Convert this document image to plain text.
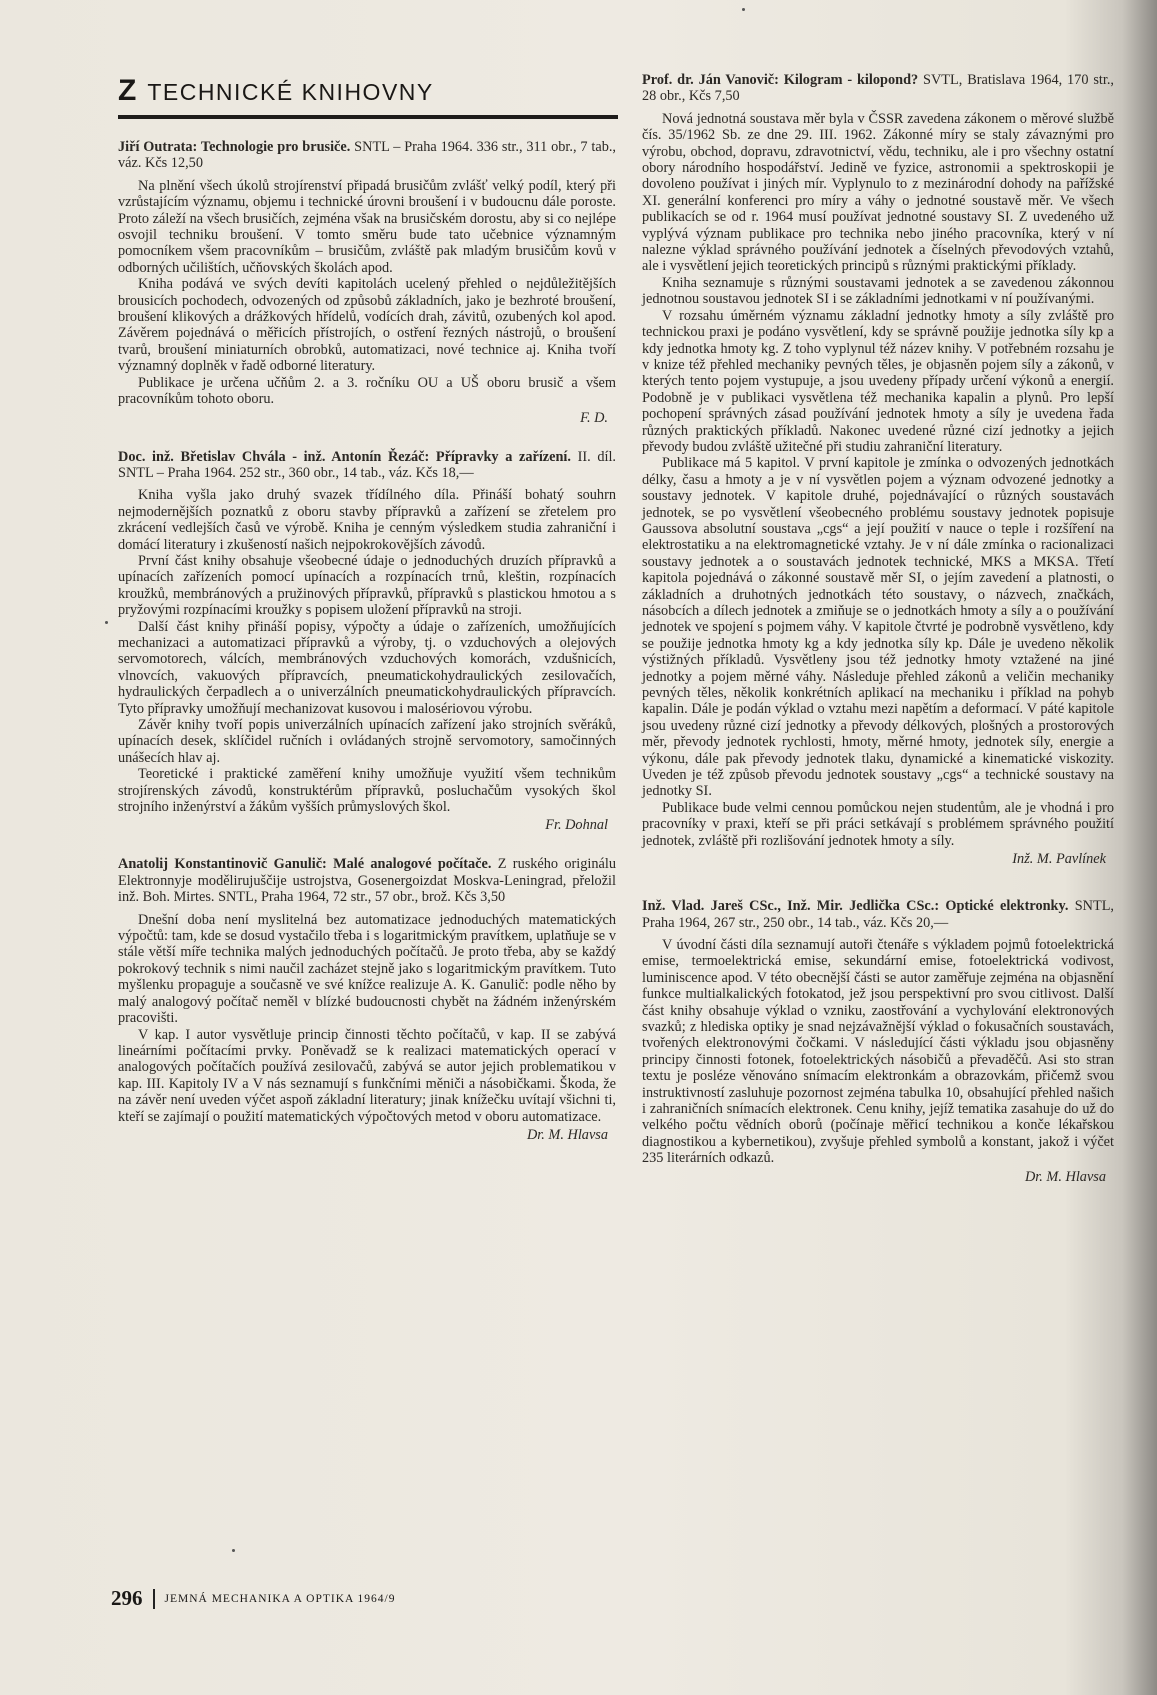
Z TECHNICKÉ KNIHOVNY

Jiří Outrata: Technologie pro brusiče. SNTL – Praha 1964. 336 str., 311 obr., 7 tab., váz. Kčs 12,50

Na plnění všech úkolů strojírenství připadá brusičům zvlášť velký podíl, který při vzrůstajícím významu, objemu i technické úrovni broušení i v budoucnu dále poroste. Proto záleží na všech brusičích, zejména však na brusičském dorostu, aby si co nejlépe osvojil techniku broušení. V tomto směru bude tato učebnice významným pomocníkem všem pracovníkům – brusičům, zvláště pak mladým brusičům kovů v odborných učilištích, učňovských školách apod.

Kniha podává ve svých devíti kapitolách ucelený přehled o nejdůležitějších brousicích pochodech, odvozených od způsobů základních, jako je bezhroté broušení, broušení klikových a drážkových hřídelů, vodících drah, závitů, ozubených kol apod. Závěrem pojednává o měřicích přístrojích, o ostření řezných nástrojů, o broušení tvarů, broušení miniaturních obrobků, automatizaci, nové technice aj. Kniha tvoří významný doplněk v řadě odborné literatury.

Publikace je určena učňům 2. a 3. ročníku OU a UŠ oboru brusič a všem pracovníkům tohoto oboru.

F. D.

Doc. inž. Břetislav Chvála - inž. Antonín Řezáč: Přípravky a zařízení. II. díl. SNTL – Praha 1964. 252 str., 360 obr., 14 tab., váz. Kčs 18,—

Kniha vyšla jako druhý svazek třídílného díla. Přináší bohatý souhrn nejmodernějších poznatků z oboru stavby přípravků a zařízení se zřetelem pro zkrácení vedlejších časů ve výrobě. Kniha je cenným výsledkem studia zahraniční i domácí literatury i zkušeností našich nejpokrokovějších závodů.

První část knihy obsahuje všeobecné údaje o jednoduchých druzích přípravků a upínacích zařízeních pomocí upínacích a rozpínacích trnů, kleštin, rozpínacích kroužků, membránových a pružinových přípravků, přípravků s plastickou hmotou a s pryžovými rozpínacími kroužky s popisem uložení přípravků na stroji.

Další část knihy přináší popisy, výpočty a údaje o zařízeních, umožňujících mechanizaci a automatizaci přípravků a výroby, tj. o vzduchových a olejových servomotorech, válcích, membránových vzduchových komorách, vzdušnicích, vlnovcích, vakuových přípravcích, pneumatickohydraulických zesilovačích, hydraulických čerpadlech a o univerzálních pneumatickohydraulických přípravcích. Tyto přípravky umožňují mechanizovat kusovou i malosériovou výrobu.

Závěr knihy tvoří popis univerzálních upínacích zařízení jako strojních svěráků, upínacích desek, sklíčidel ručních i ovládaných strojně servomotory, samočinných unášecích hlav aj.

Teoretické i praktické zaměření knihy umožňuje využití všem technikům strojírenských závodů, konstruktérům přípravků, posluchačům vysokých škol strojního inženýrství a žákům vyšších průmyslových škol.

Fr. Dohnal

Anatolij Konstantinovič Ganulič: Malé analogové počítače. Z ruského originálu Elektronnyje modělirujuščije ustrojstva, Gosenergoizdat Moskva-Leningrad, přeložil inž. Boh. Mirtes. SNTL, Praha 1964, 72 str., 57 obr., brož. Kčs 3,50

Dnešní doba není myslitelná bez automatizace jednoduchých matematických výpočtů: tam, kde se dosud vystačilo třeba i s logaritmickým pravítkem, uplatňuje se v stále větší míře technika malých jednoduchých počítačů. Je proto třeba, aby se každý pokrokový technik s nimi naučil zacházet stejně jako s logaritmickým pravítkem. Tuto myšlenku propaguje a současně ve své knížce realizuje A. K. Ganulič: podle něho by malý analogový počítač neměl v blízké budoucnosti chybět na žádném inženýrském pracovišti.

V kap. I autor vysvětluje princip činnosti těchto počítačů, v kap. II se zabývá lineárními počítacími prvky. Poněvadž se k realizaci matematických operací v analogových počítačích používá zesilovačů, zabývá se autor jejich problematikou v kap. III. Kapitoly IV a V nás seznamují s funkčními měniči a násobičkami. Škoda, že na závěr není uveden výčet aspoň základní literatury; jinak knížečku uvítají všichni ti, kteří se zajímají o použití matematických výpočtových metod v oboru automatizace.

Dr. M. Hlavsa

Prof. dr. Ján Vanovič: Kilogram - kilopond? SVTL, Bratislava 1964, 170 str., 28 obr., Kčs 7,50

Nová jednotná soustava měr byla v ČSSR zavedena zákonem o měrové službě čís. 35/1962 Sb. ze dne 29. III. 1962. Zákonné míry se staly závaznými pro výrobu, obchod, dopravu, zdravotnictví, vědu, techniku, ale i pro všechny ostatní obory národního hospodářství. Jedině ve fyzice, astronomii a spektroskopii je dovoleno používat i jiných mír. Vyplynulo to z mezinárodní dohody na pařížské XI. generální konferenci pro míry a váhy o jednotné soustavě měr. Ve všech publikacích se od r. 1964 musí používat jednotné soustavy SI. Z uvedeného už vyplývá význam publikace pro technika nebo jiného pracovníka, který v ní nalezne výklad správného používání jednotek a číselných převodových vztahů, ale i vysvětlení jejich teoretických principů s různými praktickými příklady.

Kniha seznamuje s různými soustavami jednotek a se zavedenou zákonnou jednotnou soustavou jednotek SI i se základními jednotkami v ní používanými.

V rozsahu úměrném významu základní jednotky hmoty a síly zvláště pro technickou praxi je podáno vysvětlení, kdy se správně použije jednotka síly kp a kdy jednotka hmoty kg. Z toho vyplynul též název knihy. V potřebném rozsahu je v knize též přehled mechaniky pevných těles, je objasněn pojem síly a zákonů, v kterých tento pojem vystupuje, a jsou uvedeny případy určení výkonů a energií. Podobně je v publikaci vysvětlena též mechanika kapalin a plynů. Pro lepší pochopení správných zásad používání jednotek hmoty a síly je uvedena řada různých praktických příkladů. Nakonec uvedené různé cizí jednotky a jejich převody budou zvláště užitečné při studiu zahraniční literatury.

Publikace má 5 kapitol. V první kapitole je zmínka o odvozených jednotkách délky, času a hmoty a je v ní vysvětlen pojem a význam odvozené jednotky a soustavy jednotek. V kapitole druhé, pojednávající o různých soustavách jednotek, se po vysvětlení všeobecného problému soustavy jednotek popisuje Gaussova absolutní soustava „cgs“ a její použití v nauce o teple i rozšíření na elektrostatiku a na elektromagnetické vztahy. Je v ní dále zmínka o racionalizaci soustavy jednotek a o soustavách jednotek technické, MKS a MKSA. Třetí kapitola pojednává o zákonné soustavě měr SI, o jejím zavedení a platnosti, o základních a druhotných jednotkách této soustavy, o názvech, značkách, násobcích a dílech jednotek a zmiňuje se o jednotkách hmoty a síly a o používání jednotek ve spojení s pojmem váhy. V kapitole čtvrté je podrobně vysvětleno, kdy se použije jednotka hmoty kg a kdy jednotka síly kp. Dále je uvedeno několik výstižných příkladů. Vysvětleny jsou též jednotky hmoty vztažené na jiné jednotky a pojem měrné váhy. Následuje přehled zákonů a veličin mechaniky pevných těles, několik konkrétních aplikací na mechaniku i příklad na pohyb kapalin. Dále je podán výklad o vztahu mezi napětím a deformací. V páté kapitole jsou uvedeny různé cizí jednotky a převody délkových, plošných a prostorových měr, převody jednotek rychlosti, hmoty, měrné hmoty, jednotek síly, energie a výkonu, dále pak převody jednotek tlaku, dynamické a kinematické viskozity. Uveden je též způsob převodu jednotek soustavy „cgs“ a technické soustavy na jednotky SI.

Publikace bude velmi cennou pomůckou nejen studentům, ale je vhodná i pro pracovníky v praxi, kteří se při práci setkávají s problémem správného použití jednotek, zvláště při rozlišování jednotek hmoty a síly.

Inž. M. Pavlínek

Inž. Vlad. Jareš CSc., Inž. Mir. Jedlička CSc.: Optické elektronky. SNTL, Praha 1964, 267 str., 250 obr., 14 tab., váz. Kčs 20,—

V úvodní části díla seznamují autoři čtenáře s výkladem pojmů fotoelektrická emise, termoelektrická emise, sekundární emise, fotoelektrická vodivost, luminiscence apod. V této obecnější části se autor zaměřuje zejména na objasnění funkce multialkalických fotokatod, jež jsou perspektivní pro svou citlivost. Další část knihy obsahuje výklad o vzniku, zaostřování a vychylování elektronových svazků; z hlediska optiky je snad nejzávažnější výklad o fokusačních soustavách, tvořených elektronovými čočkami. V následující části výkladu jsou objasněny principy činnosti fotonek, fotoelektrických násobičů a převaděčů. Asi sto stran textu je posléze věnováno snímacím elektronkám a obrazovkám, přičemž svou instruktivností zasluhuje pozornost zejména tabulka 10, obsahující přehled našich i zahraničních snímacích elektronek. Cenu knihy, jejíž tematika zasahuje do už do velkého počtu vědních oborů (počínaje měřicí technikou a konče lékařskou diagnostikou a kybernetikou), zvyšuje přehled symbolů a konstant, jakož i výčet 235 literárních odkazů.

Dr. M. Hlavsa
296 JEMNÁ MECHANIKA A OPTIKA 1964/9
